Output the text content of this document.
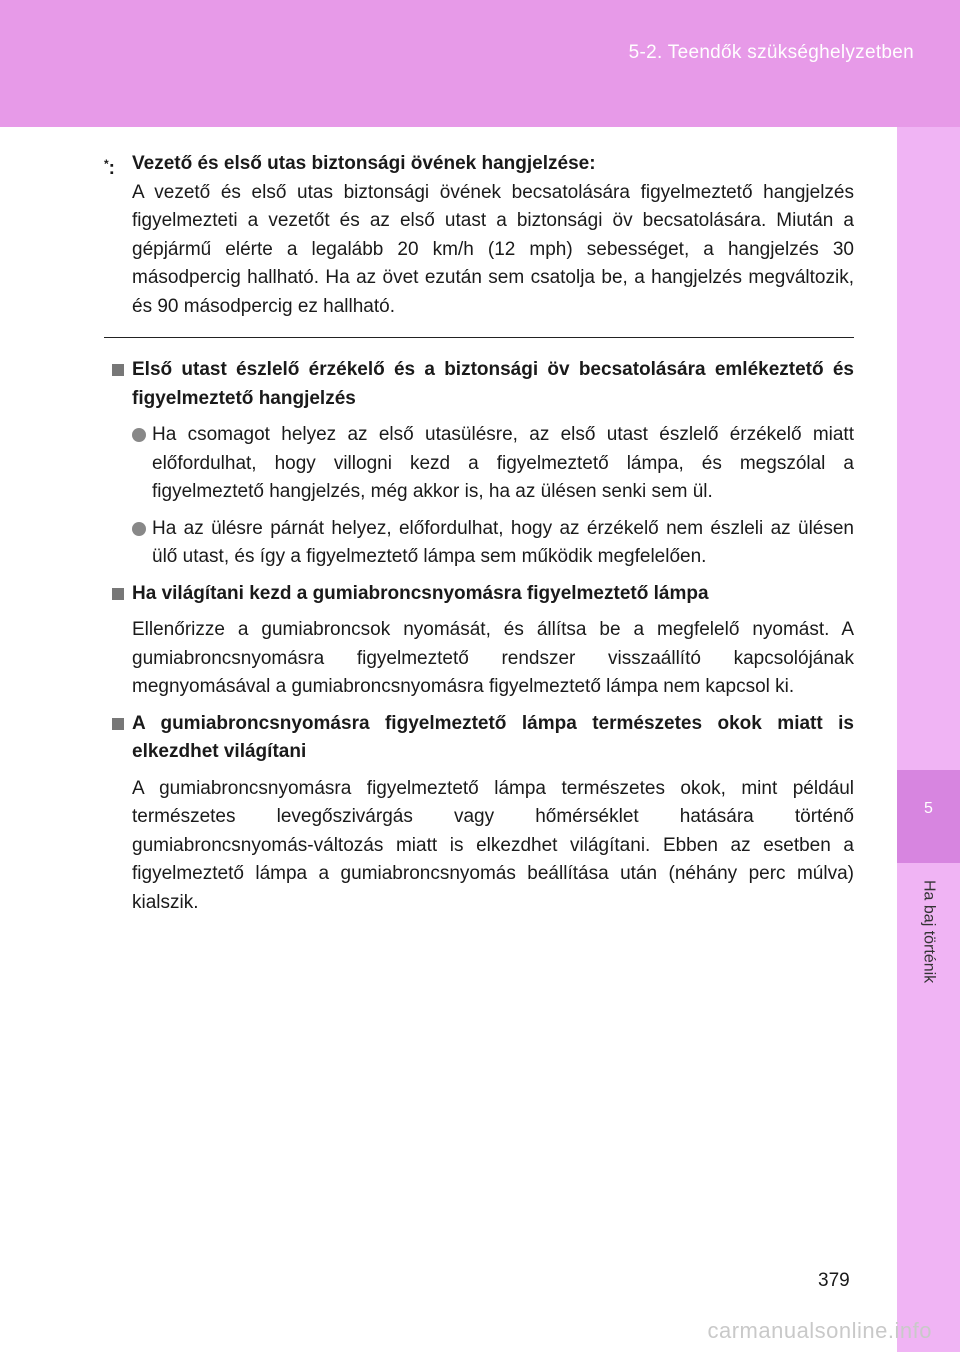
5-2. Teendők szükséghelyzetben
5
Ha baj történik
*: Vezető és első utas biztonsági övének hangjelzése:
A vezető és első utas biztonsági övének becsatolására figyelmeztető hangjelzés figyelmezteti a vezetőt és az első utast a biztonsági öv becsatolására. Miután a gépjármű elérte a legalább 20 km/h (12 mph) sebességet, a hangjelzés 30 másodpercig hallható. Ha az övet ezután sem csatolja be, a hangjelzés megváltozik, és 90 másodpercig ez hallható.
Első utast észlelő érzékelő és a biztonsági öv becsatolására emlékeztető és figyelmeztető hangjelzés
Ha csomagot helyez az első utasülésre, az első utast észlelő érzékelő miatt előfordulhat, hogy villogni kezd a figyelmeztető lámpa, és megszólal a figyelmeztető hangjelzés, még akkor is, ha az ülésen senki sem ül.
Ha az ülésre párnát helyez, előfordulhat, hogy az érzékelő nem észleli az ülésen ülő utast, és így a figyelmeztető lámpa sem működik megfelelően.
Ha világítani kezd a gumiabroncsnyomásra figyelmeztető lámpa
Ellenőrizze a gumiabroncsok nyomását, és állítsa be a megfelelő nyomást. A gumiabroncsnyomásra figyelmeztető rendszer visszaállító kapcsolójának megnyomásával a gumiabroncsnyomásra figyelmeztető lámpa nem kapcsol ki.
A gumiabroncsnyomásra figyelmeztető lámpa természetes okok miatt is elkezdhet világítani
A gumiabroncsnyomásra figyelmeztető lámpa természetes okok, mint például természetes levegőszivárgás vagy hőmérséklet hatására történő gumiabroncsnyomás-változás miatt is elkezdhet világítani. Ebben az esetben a figyelmeztető lámpa a gumiabroncsnyomás beállítása után (néhány perc múlva) kialszik.
379
carmanualsonline.info
